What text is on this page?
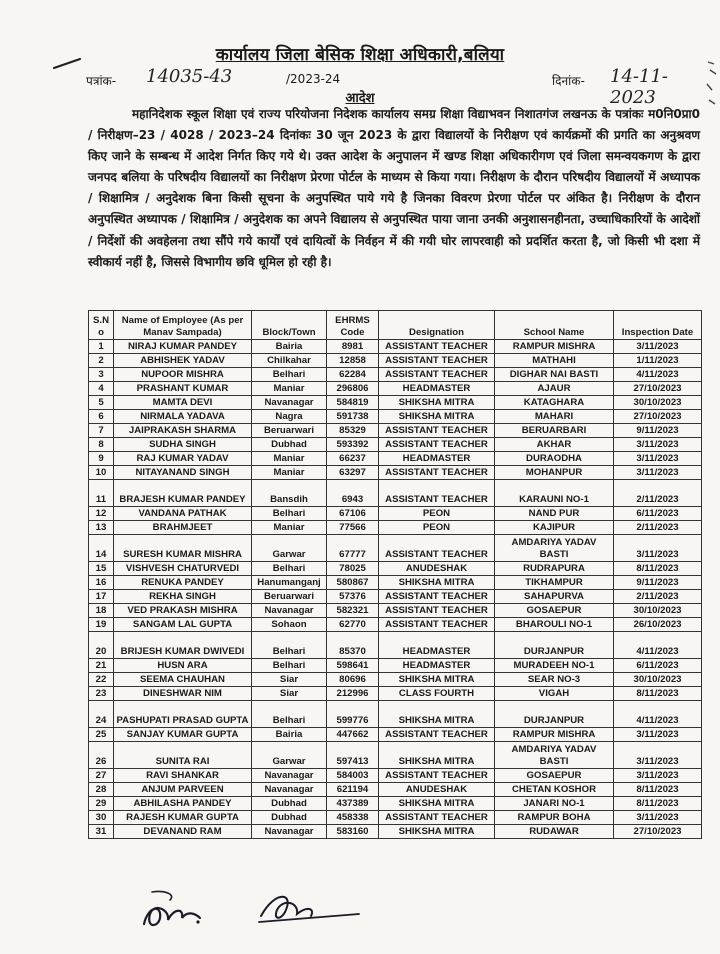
कार्यालय जिला बेसिक शिक्षा अधिकारी,बलिया
पत्रांक- 14035-43	/2023-24	दिनांक- 14-11-2023
आदेश
महानिदेशक स्कूल शिक्षा एवं राज्य परियोजना निदेशक कार्यालय समग्र शिक्षा विद्याभवन निशातगंज लखनऊ के पत्रांकः म0नि0प्रा0 / निरीक्षण–23 / 4028 / 2023–24 दिनांकः 30 जून 2023 के द्वारा विद्यालयों के निरीक्षण एवं कार्यक्रमों की प्रगति का अनुश्रवण किए जाने के सम्बन्ध में आदेश निर्गत किए गये थे। उक्त आदेश के अनुपालन में खण्ड शिक्षा अधिकारीगण एवं जिला समन्वयकगण के द्वारा जनपद बलिया के परिषदीय विद्यालयों का निरीक्षण प्रेरणा पोर्टल के माध्यम से किया गया। निरीक्षण के दौरान परिषदीय विद्यालयों में अध्यापक / शिक्षामित्र / अनुदेशक बिना किसी सूचना के अनुपस्थित पाये गये है जिनका विवरण प्रेरणा पोर्टल पर अंकित है। निरीक्षण के दौरान अनुपस्थित अध्यापक / शिक्षामित्र / अनुदेशक का अपने विद्यालय से अनुपस्थित पाया जाना उनकी अनुशासनहीनता, उच्चाधिकारियों के आदेशों / निर्देशों की अवहेलना तथा सौंपे गये कार्यों एवं दायित्वों के निर्वहन में की गयी घोर लापरवाही को प्रदर्शित करता है, जो किसी भी दशा में स्वीकार्य नहीं है, जिससे विभागीय छवि धूमिल हो रही है।
S.No	Name of Employee (As per Manav Sampada)	Block/Town	EHRMS Code	Designation	School Name	Inspection Date
1	NIRAJ KUMAR PANDEY	Bairia	8981	ASSISTANT TEACHER	RAMPUR MISHRA	3/11/2023
2	ABHISHEK YADAV	Chilkahar	12858	ASSISTANT TEACHER	MATHAHI	1/11/2023
3	NUPOOR MISHRA	Belhari	62284	ASSISTANT TEACHER	DIGHAR NAI BASTI	4/11/2023
4	PRASHANT KUMAR	Maniar	296806	HEADMASTER	AJAUR	27/10/2023
5	MAMTA DEVI	Navanagar	584819	SHIKSHA MITRA	KATAGHARA	30/10/2023
6	NIRMALA YADAVA	Nagra	591738	SHIKSHA MITRA	MAHARI	27/10/2023
7	JAIPRAKASH SHARMA	Beruarwari	85329	ASSISTANT TEACHER	BERUARBARI	9/11/2023
8	SUDHA SINGH	Dubhad	593392	ASSISTANT TEACHER	AKHAR	3/11/2023
9	RAJ KUMAR YADAV	Maniar	66237	HEADMASTER	DURAODHA	3/11/2023
10	NITAYANAND SINGH	Maniar	63297	ASSISTANT TEACHER	MOHANPUR	3/11/2023
11	BRAJESH KUMAR PANDEY	Bansdih	6943	ASSISTANT TEACHER	KARAUNI NO-1	2/11/2023
12	VANDANA PATHAK	Belhari	67106	PEON	NAND PUR	6/11/2023
13	BRAHMJEET	Maniar	77566	PEON	KAJIPUR	2/11/2023
14	SURESH KUMAR MISHRA	Garwar	67777	ASSISTANT TEACHER	AMDARIYA YADAV BASTI	3/11/2023
15	VISHVESH CHATURVEDI	Belhari	78025	ANUDESHAK	RUDRAPURA	8/11/2023
16	RENUKA PANDEY	Hanumanganj	580867	SHIKSHA MITRA	TIKHAMPUR	9/11/2023
17	REKHA SINGH	Beruarwari	57376	ASSISTANT TEACHER	SAHAPURVA	2/11/2023
18	VED PRAKASH MISHRA	Navanagar	582321	ASSISTANT TEACHER	GOSAEPUR	30/10/2023
19	SANGAM LAL GUPTA	Sohaon	62770	ASSISTANT TEACHER	BHAROULI NO-1	26/10/2023
20	BRIJESH KUMAR DWIVEDI	Belhari	85370	HEADMASTER	DURJANPUR	4/11/2023
21	HUSN ARA	Belhari	598641	HEADMASTER	MURADEEH NO-1	6/11/2023
22	SEEMA CHAUHAN	Siar	80696	SHIKSHA MITRA	SEAR NO-3	30/10/2023
23	DINESHWAR NIM	Siar	212996	CLASS FOURTH	VIGAH	8/11/2023
24	PASHUPATI PRASAD GUPTA	Belhari	599776	SHIKSHA MITRA	DURJANPUR	4/11/2023
25	SANJAY KUMAR GUPTA	Bairia	447662	ASSISTANT TEACHER	RAMPUR MISHRA	3/11/2023
26	SUNITA RAI	Garwar	597413	SHIKSHA MITRA	AMDARIYA YADAV BASTI	3/11/2023
27	RAVI SHANKAR	Navanagar	584003	ASSISTANT TEACHER	GOSAEPUR	3/11/2023
28	ANJUM PARVEEN	Navanagar	621194	ANUDESHAK	CHETAN KOSHOR	8/11/2023
29	ABHILASHA PANDEY	Dubhad	437389	SHIKSHA MITRA	JANARI NO-1	8/11/2023
30	RAJESH KUMAR GUPTA	Dubhad	458338	ASSISTANT TEACHER	RAMPUR BOHA	3/11/2023
31	DEVANAND RAM	Navanagar	583160	SHIKSHA MITRA	RUDAWAR	27/10/2023
